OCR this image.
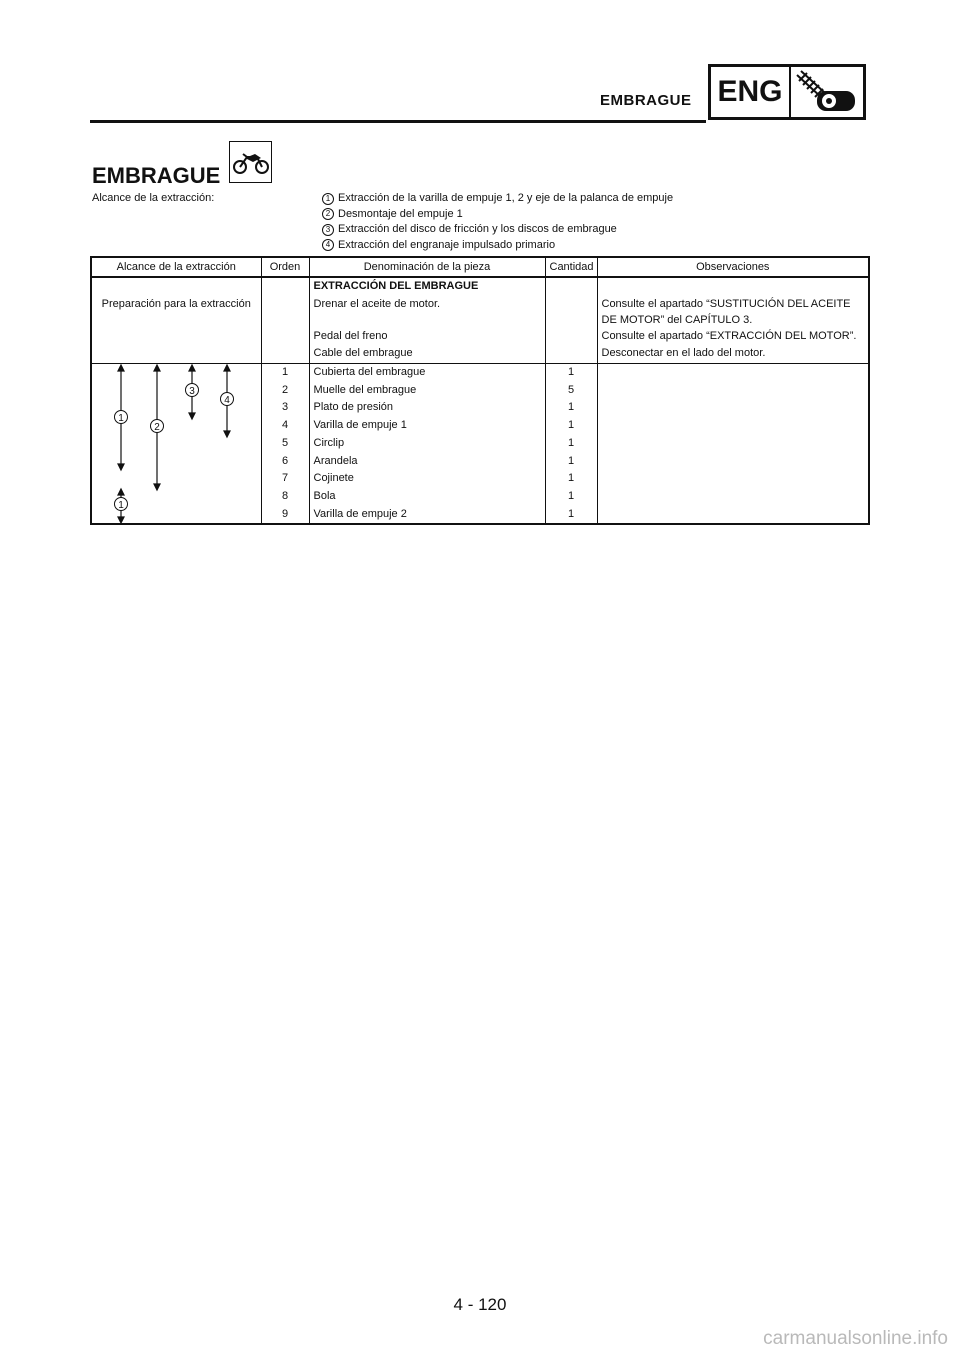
EMBRAGUE ENG
EMBRAGUE
Alcance de la extracción:	1 Extracción de la varilla de empuje 1, 2 y eje de la palanca de empuje
2 Desmontaje del empuje 1
3 Extracción del disco de fricción y los discos de embrague
4 Extracción del engranaje impulsado primario
Alcance de la extracción	Orden	Denominación de la pieza	Cantidad	Observaciones
		EXTRACCIÓN DEL EMBRAGUE		
Preparación para la extracción		Drenar el aceite de motor.		Consulte el apartado “SUSTITUCIÓN DEL ACEITE
DE MOTOR” del CAPÍTULO 3.

		Pedal del freno		Consulte el apartado “EXTRACCIÓN DEL MOTOR”.
		Cable del embrague		Desconectar en el lado del motor.

1
2
3
4
1	1	Cubierta del embrague	1	
	2	Muelle del embrague	5	
	3	Plato de presión	1	
	4	Varilla de empuje 1	1	
	5	Circlip	1	
	6	Arandela	1	
	7	Cojinete	1	
	8	Bola	1	
	9	Varilla de empuje 2	1	
4 - 120
carmanualsonline.info
